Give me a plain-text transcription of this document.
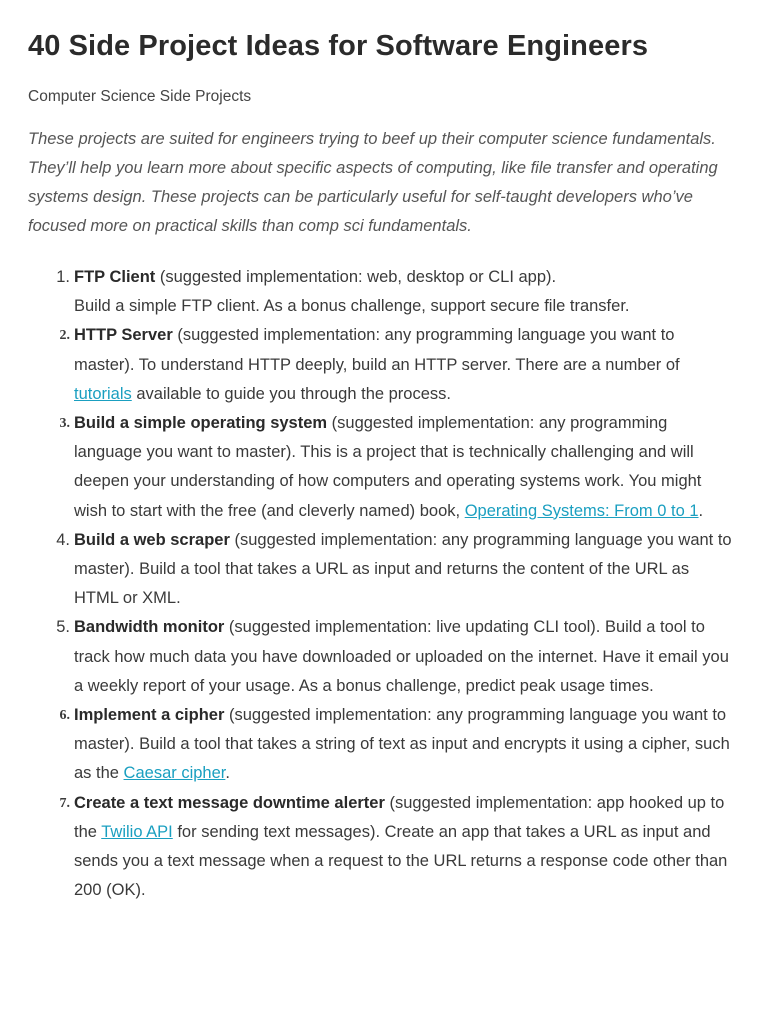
40 Side Project Ideas for Software Engineers
Computer Science Side Projects

These projects are suited for engineers trying to beef up their computer science fundamentals. They’ll help you learn more about specific aspects of computing, like file transfer and operating systems design. These projects can be particularly useful for self-taught developers who’ve focused more on practical skills than comp sci fundamentals.

1. FTP Client (suggested implementation: web, desktop or CLI app).
Build a simple FTP client. As a bonus challenge, support secure file transfer.
2. HTTP Server (suggested implementation: any programming language you want to master). To understand HTTP deeply, build an HTTP server. There are a number of tutorials available to guide you through the process.
3. Build a simple operating system (suggested implementation: any programming language you want to master). This is a project that is technically challenging and will deepen your understanding of how computers and operating systems work. You might wish to start with the free (and cleverly named) book, Operating Systems: From 0 to 1.
4. Build a web scraper (suggested implementation: any programming language you want to master). Build a tool that takes a URL as input and returns the content of the URL as HTML or XML.
5. Bandwidth monitor (suggested implementation: live updating CLI tool). Build a tool to track how much data you have downloaded or uploaded on the internet. Have it email you a weekly report of your usage. As a bonus challenge, predict peak usage times.
6. Implement a cipher (suggested implementation: any programming language you want to master). Build a tool that takes a string of text as input and encrypts it using a cipher, such as the Caesar cipher.
7. Create a text message downtime alerter (suggested implementation: app hooked up to the Twilio API for sending text messages). Create an app that takes a URL as input and sends you a text message when a request to the URL returns a response code other than 200 (OK).
